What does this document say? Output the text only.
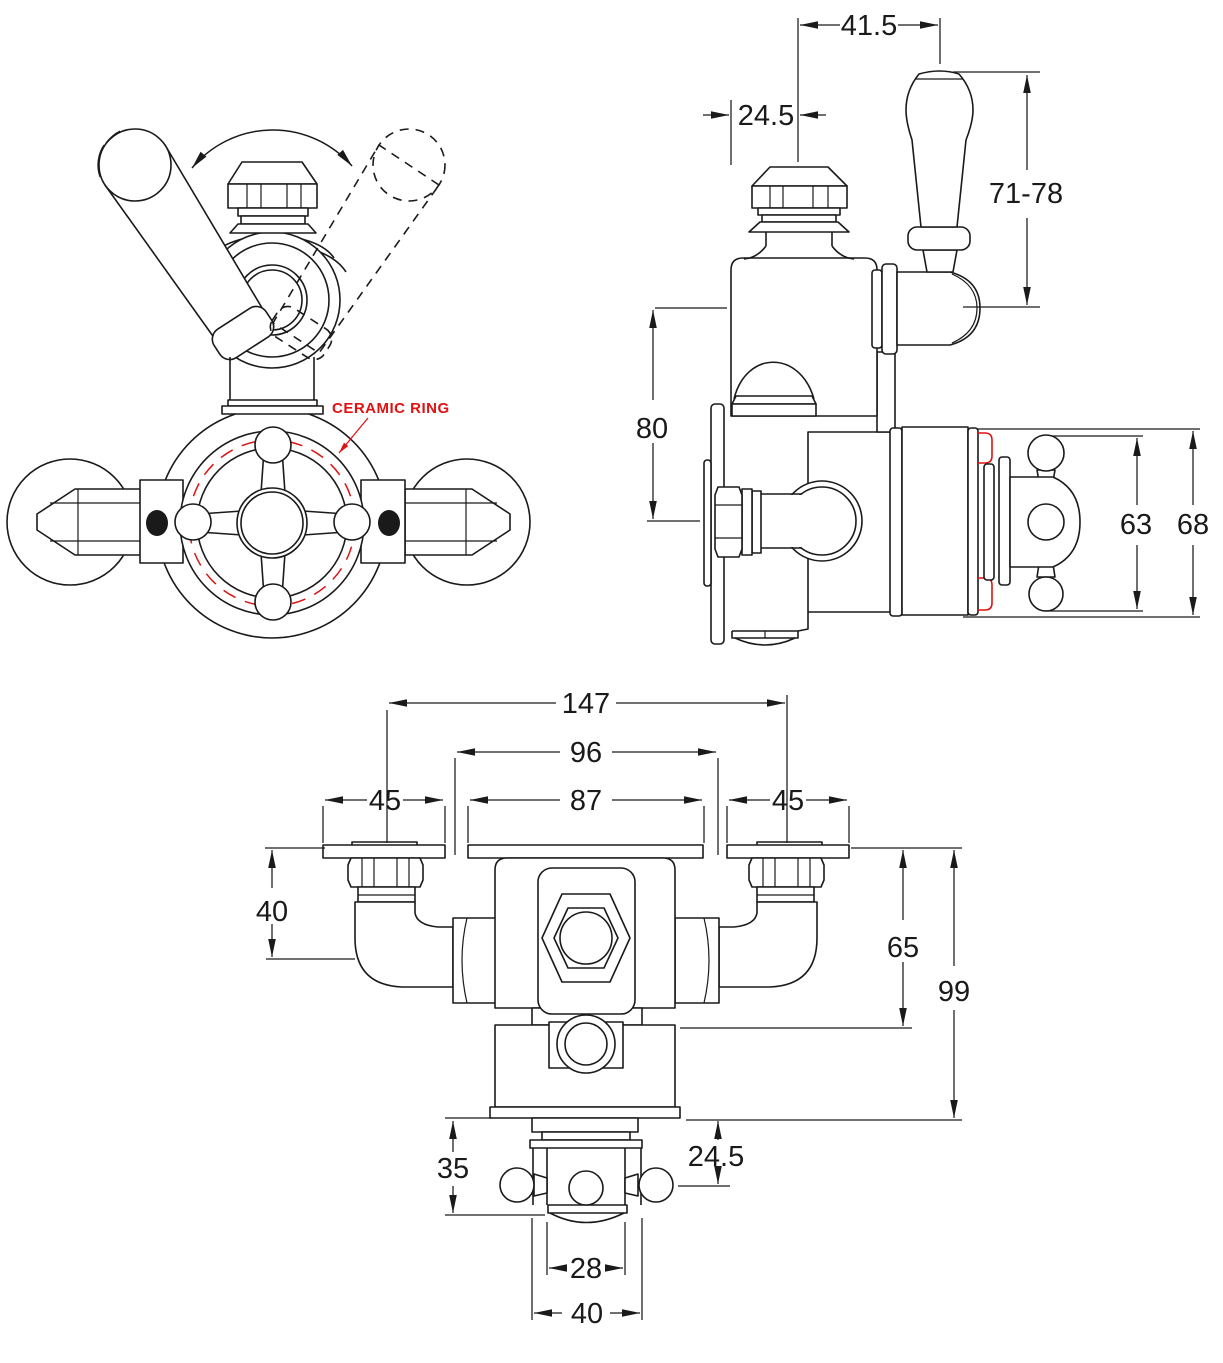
CERAMIC RING
41.5
24.5
71-78
80
63 68
147
96
45	87	45
40
65
99
35	24.5
28
40
